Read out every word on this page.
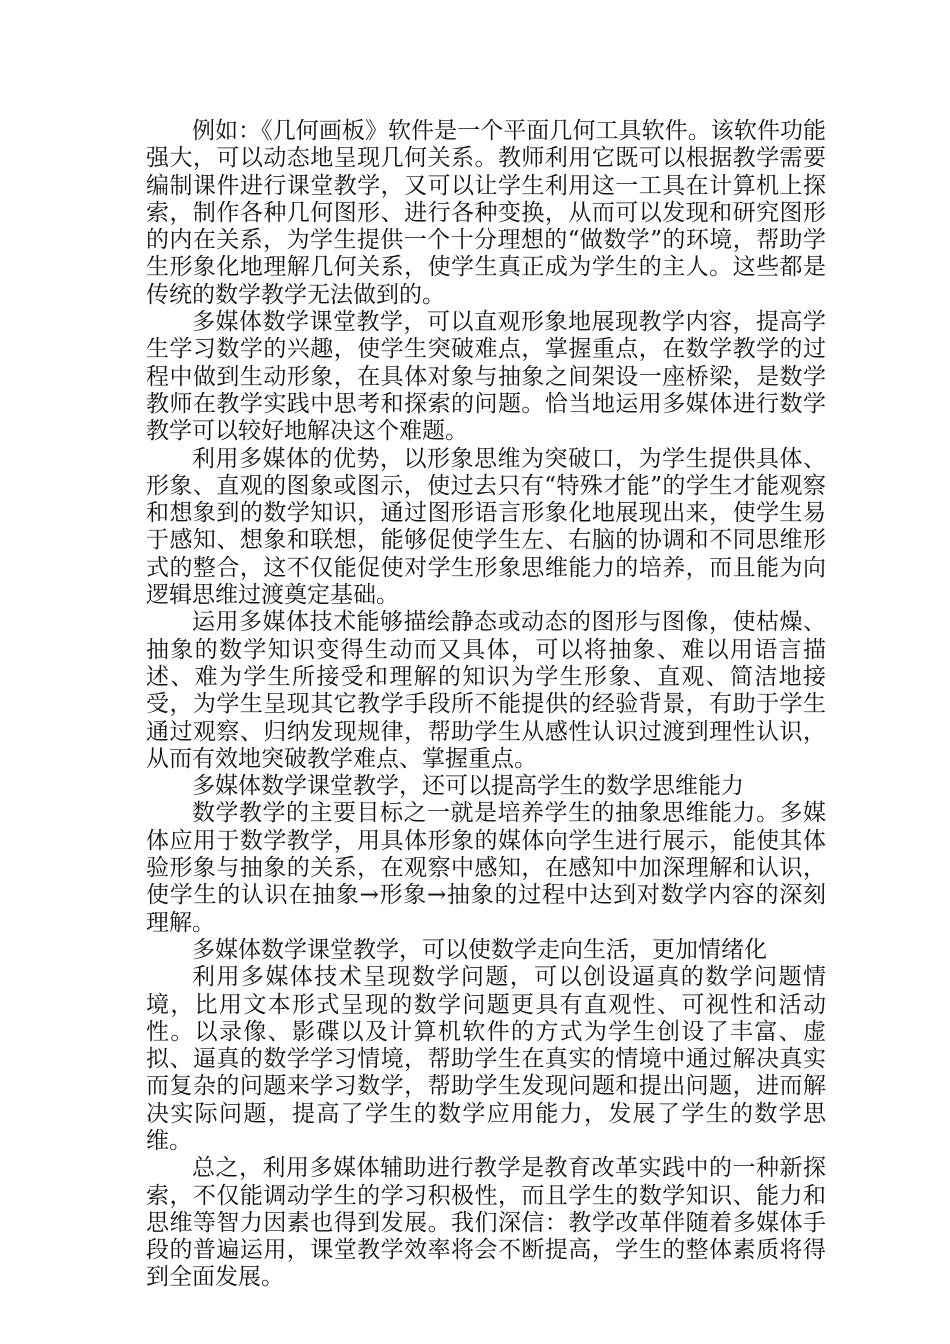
例如：《几何画板》软件是一个平面几何工具软件。该软件功能强大，可以动态地呈现几何关系。教师利用它既可以根据教学需要编制课件进行课堂教学，又可以让学生利用这一工具在计算机上探索，制作各种几何图形、进行各种变换，从而可以发现和研究图形的内在关系，为学生提供一个十分理想的“做数学”的环境，帮助学生形象化地理解几何关系，使学生真正成为学生的主人。这些都是传统的数学教学无法做到的。

多媒体数学课堂教学，可以直观形象地展现教学内容，提高学生学习数学的兴趣，使学生突破难点，掌握重点，在数学教学的过程中做到生动形象，在具体对象与抽象之间架设一座桥梁，是数学教师在教学实践中思考和探索的问题。恰当地运用多媒体进行数学教学可以较好地解决这个难题。

利用多媒体的优势，以形象思维为突破口，为学生提供具体、形象、直观的图象或图示，使过去只有“特殊才能”的学生才能观察和想象到的数学知识，通过图形语言形象化地展现出来，使学生易于感知、想象和联想，能够促使学生左、右脑的协调和不同思维形式的整合，这不仅能促使对学生形象思维能力的培养，而且能为向逻辑思维过渡奠定基础。

运用多媒体技术能够描绘静态或动态的图形与图像，使枯燥、抽象的数学知识变得生动而又具体，可以将抽象、难以用语言描述、难为学生所接受和理解的知识为学生形象、直观、简洁地接受，为学生呈现其它教学手段所不能提供的经验背景，有助于学生通过观察、归纳发现规律，帮助学生从感性认识过渡到理性认识，从而有效地突破教学难点、掌握重点。

多媒体数学课堂教学，还可以提高学生的数学思维能力

数学教学的主要目标之一就是培养学生的抽象思维能力。多媒体应用于数学教学，用具体形象的媒体向学生进行展示，能使其体验形象与抽象的关系，在观察中感知，在感知中加深理解和认识，使学生的认识在抽象→形象→抽象的过程中达到对数学内容的深刻理解。

多媒体数学课堂教学，可以使数学走向生活，更加情绪化

利用多媒体技术呈现数学问题，可以创设逼真的数学问题情境，比用文本形式呈现的数学问题更具有直观性、可视性和活动性。以录像、影碟以及计算机软件的方式为学生创设了丰富、虚拟、逼真的数学学习情境，帮助学生在真实的情境中通过解决真实而复杂的问题来学习数学，帮助学生发现问题和提出问题，进而解决实际问题，提高了学生的数学应用能力，发展了学生的数学思维。

总之，利用多媒体辅助进行教学是教育改革实践中的一种新探索，不仅能调动学生的学习积极性，而且学生的数学知识、能力和思维等智力因素也得到发展。我们深信：教学改革伴随着多媒体手段的普遍运用，课堂教学效率将会不断提高，学生的整体素质将得到全面发展。
